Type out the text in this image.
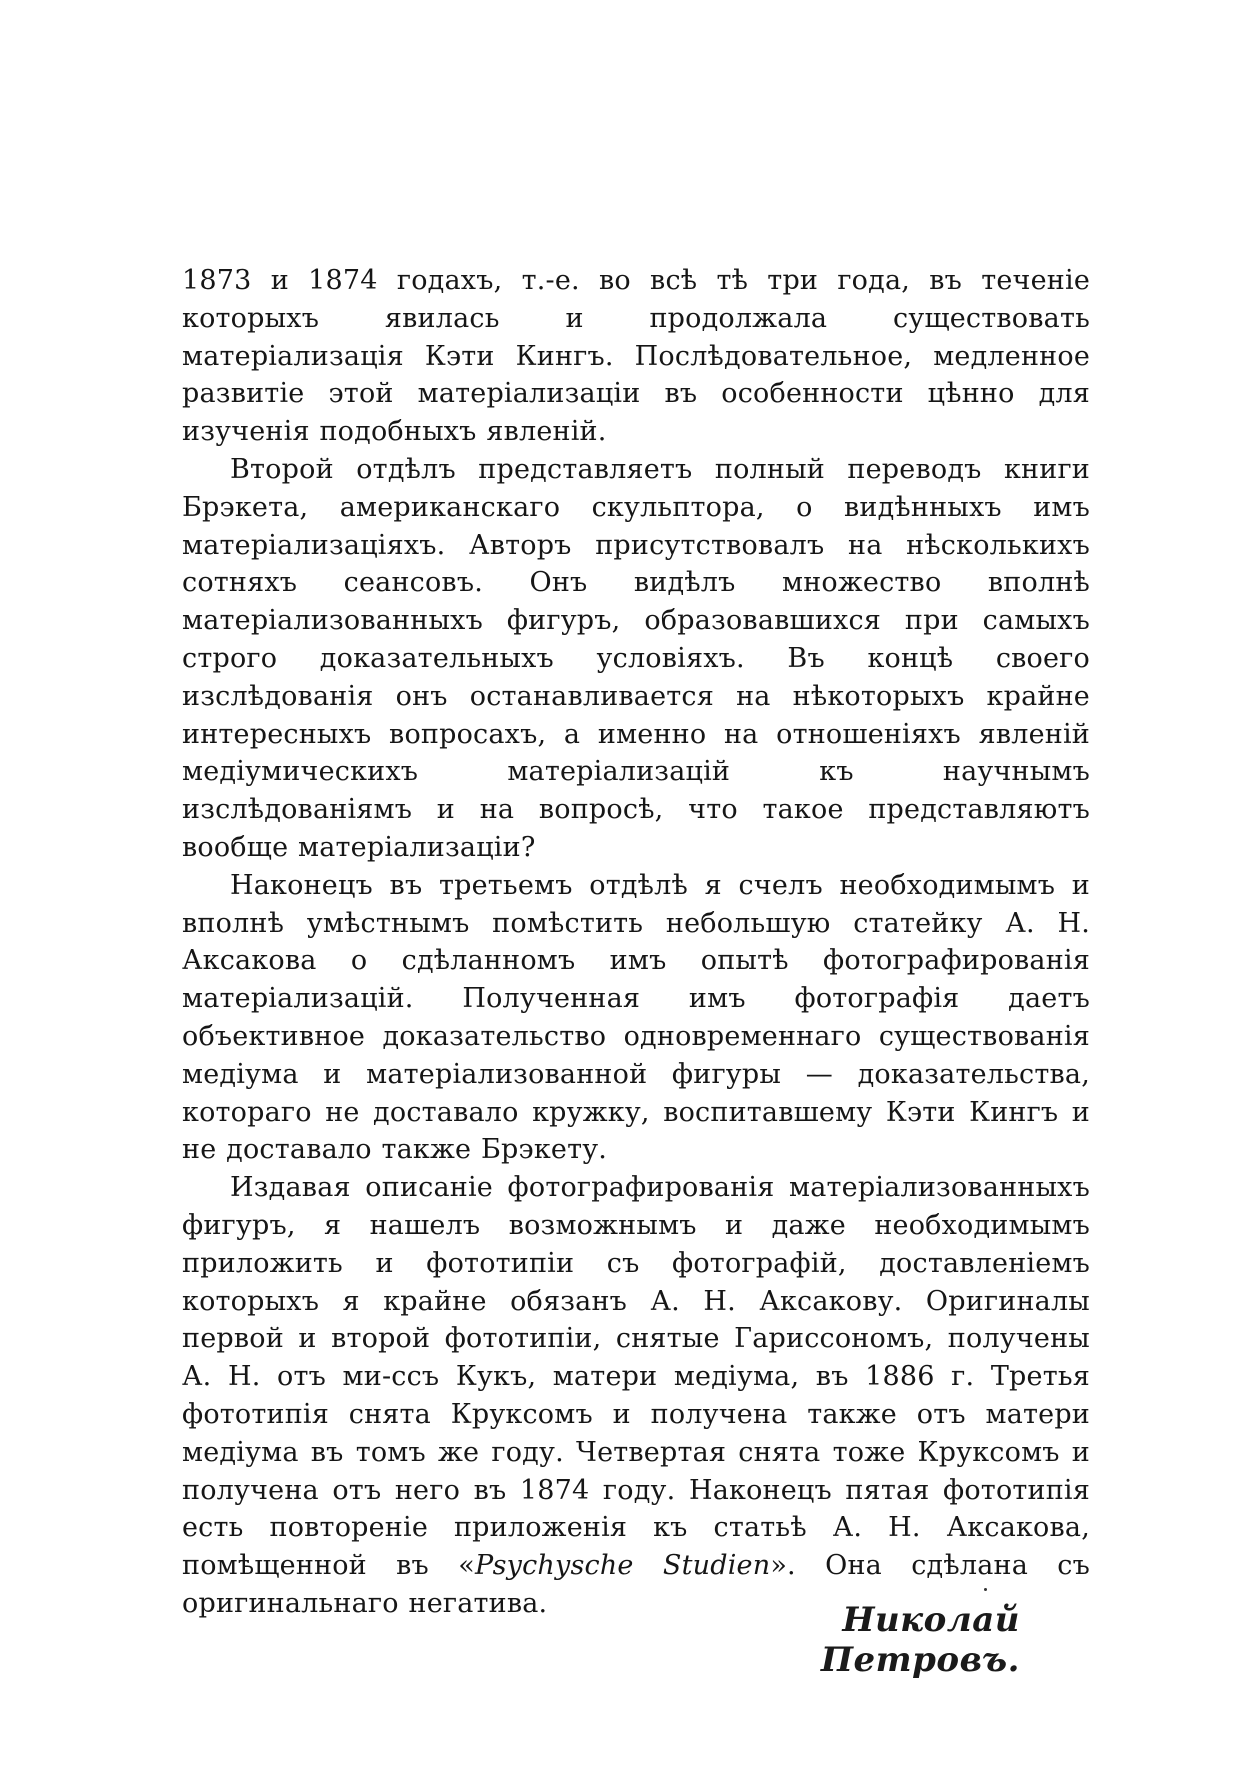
1873 и 1874 годахъ, т.-е. во всѣ тѣ три года, въ теченіе которыхъ явилась и продолжала существовать матеріализація Кэти Кингъ. Послѣдовательное, медленное развитіе этой матеріализаціи въ особенности цѣнно для изученія подобныхъ явленій.

Второй отдѣлъ представляетъ полный переводъ книги Брэкета, американскаго скульптора, о видѣнныхъ имъ матеріализаціяхъ. Авторъ присутствовалъ на нѣсколькихъ сотняхъ сеансовъ. Онъ видѣлъ множество вполнѣ матеріализованныхъ фигуръ, образовавшихся при самыхъ строго доказательныхъ условіяхъ. Въ концѣ своего изслѣдованія онъ останавливается на нѣкоторыхъ крайне интересныхъ вопросахъ, а именно на отношеніяхъ явленій медіумическихъ матеріализацій къ научнымъ изслѣдованіямъ и на вопросѣ, что такое представляютъ вообще матеріализаціи?

Наконецъ въ третьемъ отдѣлѣ я счелъ необходимымъ и вполнѣ умѣстнымъ помѣстить небольшую статейку А. Н. Аксакова о сдѣланномъ имъ опытѣ фотографированія матеріализацій. Полученная имъ фотографія даетъ объективное доказательство одновременнаго существованія медіума и матеріализованной фигуры — доказательства, котораго не доставало кружку, воспитавшему Кэти Кингъ и не доставало также Брэкету.

Издавая описаніе фотографированія матеріализованныхъ фигуръ, я нашелъ возможнымъ и даже необходимымъ приложить и фототипіи съ фотографій, доставленіемъ которыхъ я крайне обязанъ А. Н. Аксакову. Оригиналы первой и второй фототипіи, снятые Гариссономъ, получены А. Н. отъ ми-ссъ Кукъ, матери медіума, въ 1886 г. Третья фототипія снята Круксомъ и получена также отъ матери медіума въ томъ же году. Четвертая снята тоже Круксомъ и получена отъ него въ 1874 году. Наконецъ пятая фототипія есть повтореніе приложенія къ статьѣ А. Н. Аксакова, помѣщенной въ «Psychysche Studien». Она сдѣлана съ оригинальнаго негатива.	Николай Петровъ.
